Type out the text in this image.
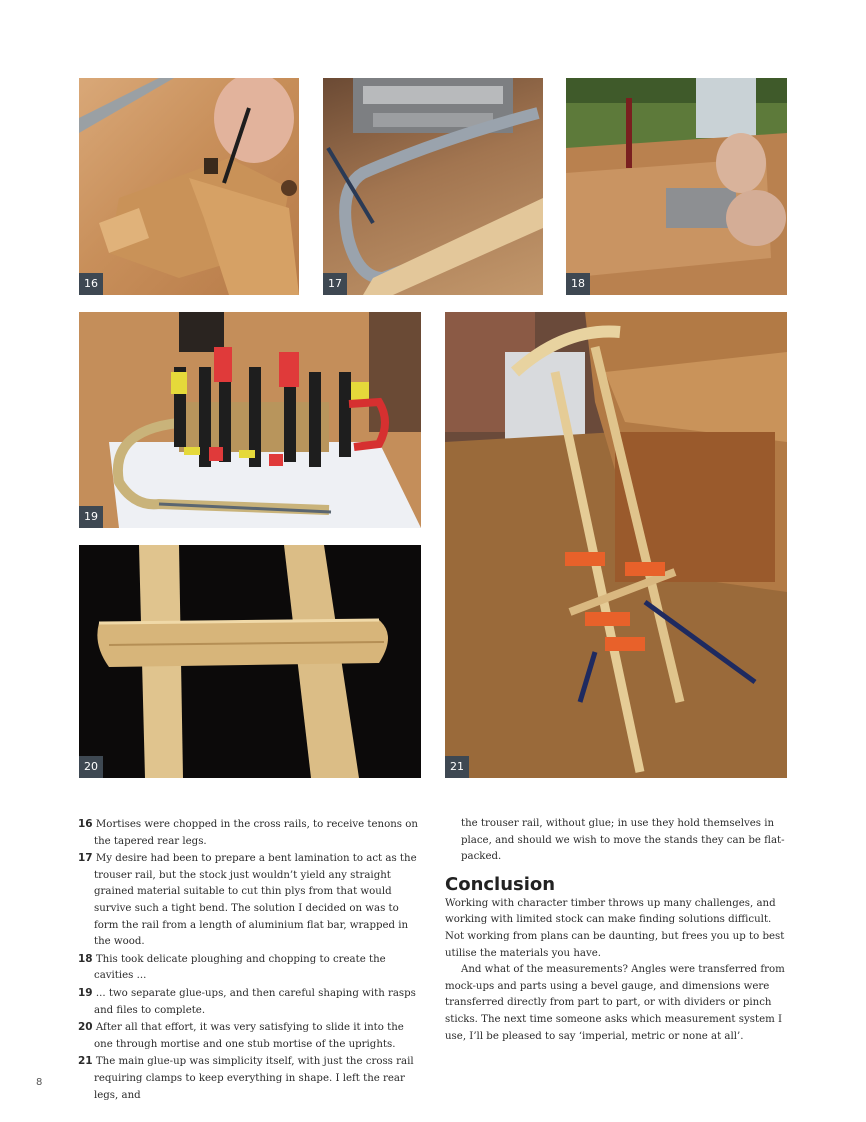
16	17	18
19
20	21

16 Mortises were chopped in the cross rails, to receive tenons on the tapered rear legs.

17 My desire had been to prepare a bent lamination to act as the trouser rail, but the stock just wouldn’t yield any straight grained material suitable to cut thin plys from that would survive such a tight bend. The solution I decided on was to form the rail from a length of aluminium flat bar, wrapped in the wood.

18 This took delicate ploughing and chopping to create the cavities ...

19 ... two separate glue-ups, and then careful shaping with rasps and files to complete.

20 After all that effort, it was very satisfying to slide it into the one through mortise and one stub mortise of the uprights.

21 The main glue-up was simplicity itself, with just the cross rail requiring clamps to keep everything in shape. I left the rear legs, and

the trouser rail, without glue; in use they hold themselves in place, and should we wish to move the stands they can be flat-packed.

Conclusion

Working with character timber throws up many challenges, and working with limited stock can make finding solutions difficult. Not working from plans can be daunting, but frees you up to best utilise the materials you have.

And what of the measurements? Angles were transferred from mock-ups and parts using a bevel gauge, and dimensions were transferred directly from part to part, or with dividers or pinch sticks. The next time someone asks which measurement system I use, I’ll be pleased to say ‘imperial, metric or none at all’.

8
